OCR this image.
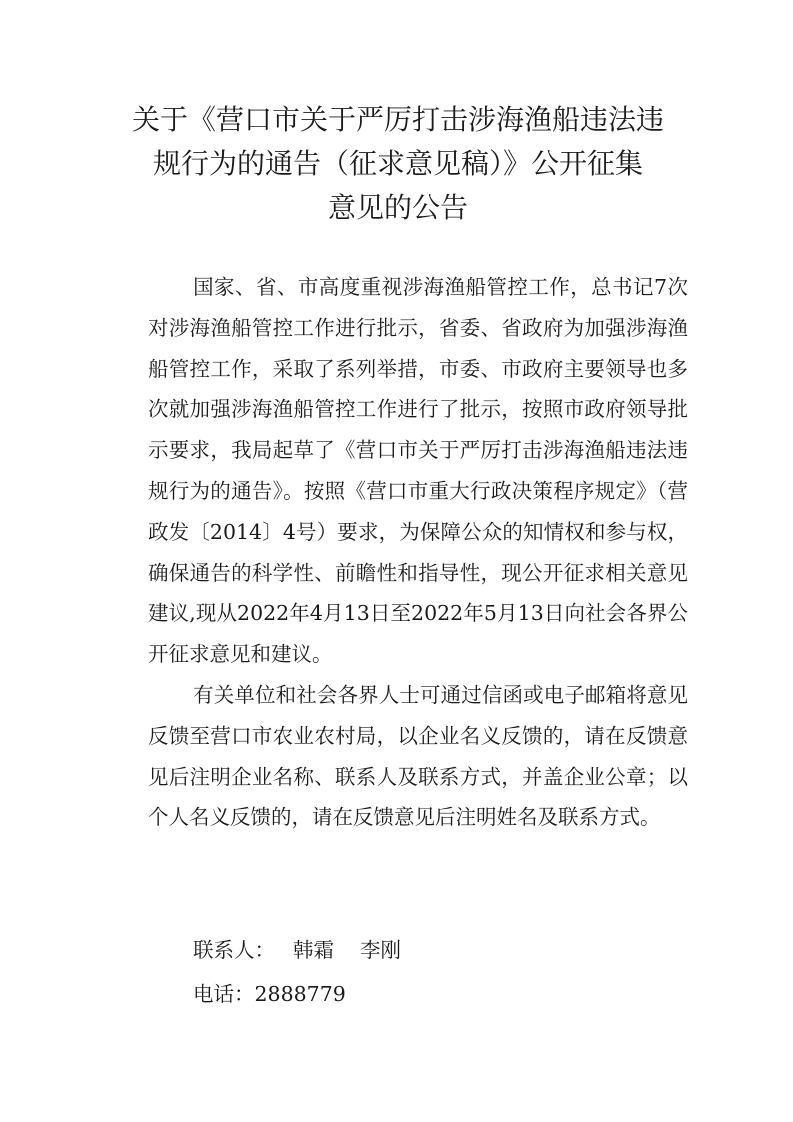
关于《营口市关于严厉打击涉海渔船违法违
规行为的通告（征求意见稿）》公开征集
意见的公告

国家、省、市高度重视涉海渔船管控工作，总书记7次对涉海渔船管控工作进行批示，省委、省政府为加强涉海渔船管控工作，采取了系列举措，市委、市政府主要领导也多次就加强涉海渔船管控工作进行了批示，按照市政府领导批示要求，我局起草了《营口市关于严厉打击涉海渔船违法违规行为的通告》。按照《营口市重大行政决策程序规定》（营政发〔2014〕4号）要求，为保障公众的知情权和参与权，确保通告的科学性、前瞻性和指导性，现公开征求相关意见建议,现从2022年4月13日至2022年5月13日向社会各界公开征求意见和建议。

有关单位和社会各界人士可通过信函或电子邮箱将意见反馈至营口市农业农村局，以企业名义反馈的，请在反馈意见后注明企业名称、联系人及联系方式，并盖企业公章；以个人名义反馈的，请在反馈意见后注明姓名及联系方式。

联系人： 韩霜 李刚
电话：2888779
